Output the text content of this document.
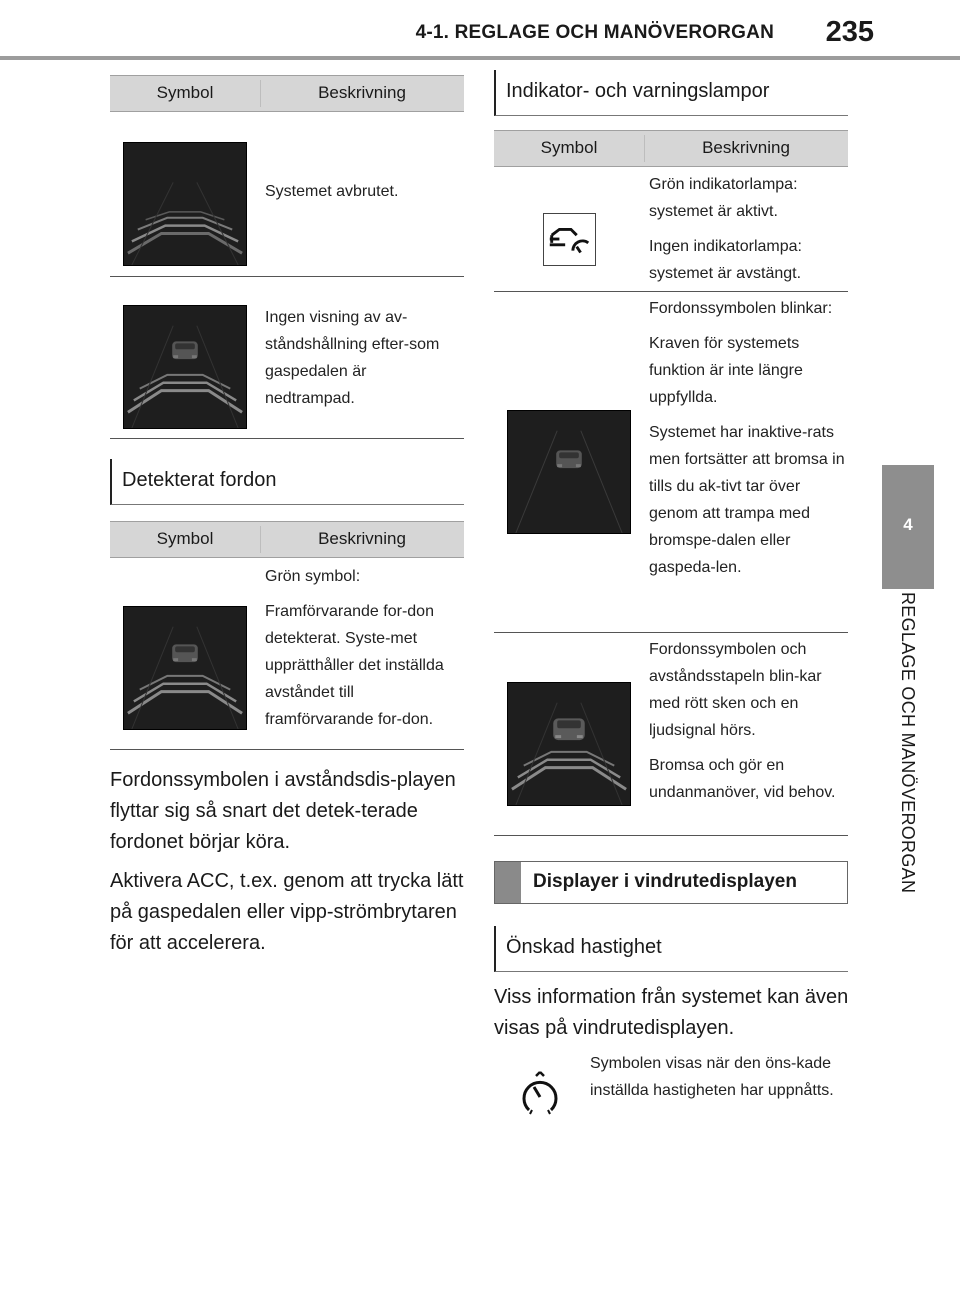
4-1. REGLAGE OCH MANÖVERORGAN 235
4
REGLAGE OCH MANÖVERORGAN
Symbol	Beskrivning

Systemet avbrutet.

Ingen visning av av-ståndshållning efter-som gaspedalen är nedtrampad.

Detekterat fordon
Symbol	Beskrivning

Grön symbol:

Framförvarande for-don detekterat. Syste-met upprätthåller det inställda avståndet till framförvarande for-don.

Fordonssymbolen i avståndsdis-playen flyttar sig så snart det detek-terade fordonet börjar köra.

Aktivera ACC, t.ex. genom att trycka lätt på gaspedalen eller vipp-strömbrytaren för att accelerera.

Indikator- och varningslampor
Symbol	Beskrivning

Grön indikatorlampa: systemet är aktivt.

Ingen indikatorlampa: systemet är avstängt.

Fordonssymbolen blinkar:

Kraven för systemets funktion är inte längre uppfyllda.

Systemet har inaktive-rats men fortsätter att bromsa in tills du ak-tivt tar över genom att trampa med bromspe-dalen eller gaspeda-len.

Fordonssymbolen och avståndsstapeln blin-kar med rött sken och en ljudsignal hörs.

Bromsa och gör en undanmanöver, vid behov.

Displayer i vindrutedisplayen
Önskad hastighet

Viss information från systemet kan även visas på vindrutedisplayen.

Symbolen visas när den öns-kade inställda hastigheten har uppnåtts.
